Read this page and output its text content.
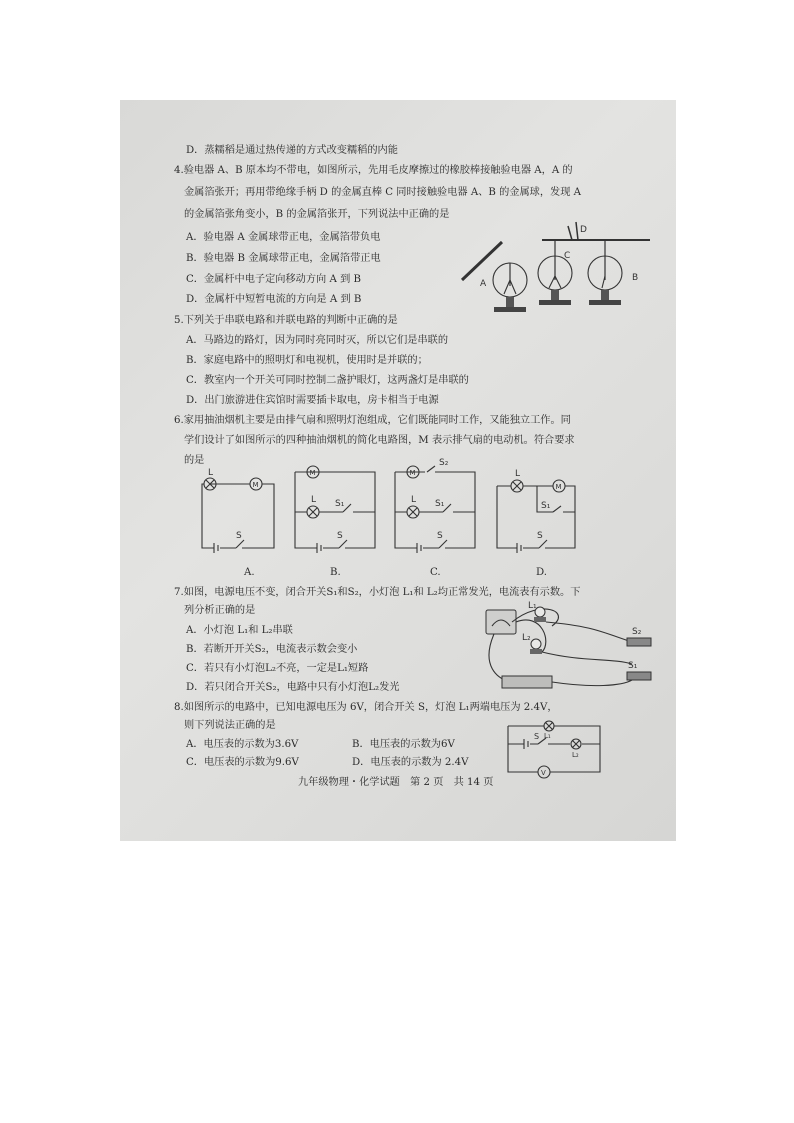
D．蒸糯稻是通过热传递的方式改变糯稻的内能
4.验电器 A、B 原本均不带电，如图所示，先用毛皮摩擦过的橡胶棒接触验电器 A，A 的
金属箔张开；再用带绝缘手柄 D 的金属直棒 C 同时接触验电器 A、B 的金属球，发现 A
的金属箔张角变小，B 的金属箔张开，下列说法中正确的是
A．验电器 A 金属球带正电，金属箔带负电
B．验电器 B 金属球带正电，金属箔带正电
C．金属杆中电子定向移动方向 A 到 B
D．金属杆中短暂电流的方向是 A 到 B
A
D
C
B
5.下列关于串联电路和并联电路的判断中正确的是
A．马路边的路灯，因为同时亮同时灭，所以它们是串联的
B．家庭电路中的照明灯和电视机，使用时是并联的；
C．教室内一个开关可同时控制二盏护眼灯，这两盏灯是串联的
D．出门旅游进住宾馆时需要插卡取电，房卡相当于电源
6.家用抽油烟机主要是由排气扇和照明灯泡组成，它们既能同时工作，又能独立工作。同
学们设计了如图所示的四种抽油烟机的简化电路图，M 表示排气扇的电动机。符合要求
的是
M
L
S
A.
M
L S₁
S
B.
M
S₂
L S₁
S
C.
L
M
S₁
S
D.
7.如图，电源电压不变，闭合开关S₁和S₂，小灯泡 L₁和 L₂均正常发光，电流表有示数。下
列分析正确的是
A．小灯泡 L₁和 L₂串联
B．若断开开关S₂，电流表示数会变小
C．若只有小灯泡L₂不亮，一定是L₁短路
D．若只闭合开关S₂，电路中只有小灯泡L₂发光
L₁
L₂
S₂
S₁
8.如图所示的电路中，已知电源电压为 6V，闭合开关 S，灯泡 L₁两端电压为 2.4V，
则下列说法正确的是
A．电压表的示数为3.6V	B．电压表的示数为6V
C．电压表的示数为9.6V	D．电压表的示数为 2.4V
L₁
L₂
S
V
九年级物理・化学试题　第 2 页　共 14 页
